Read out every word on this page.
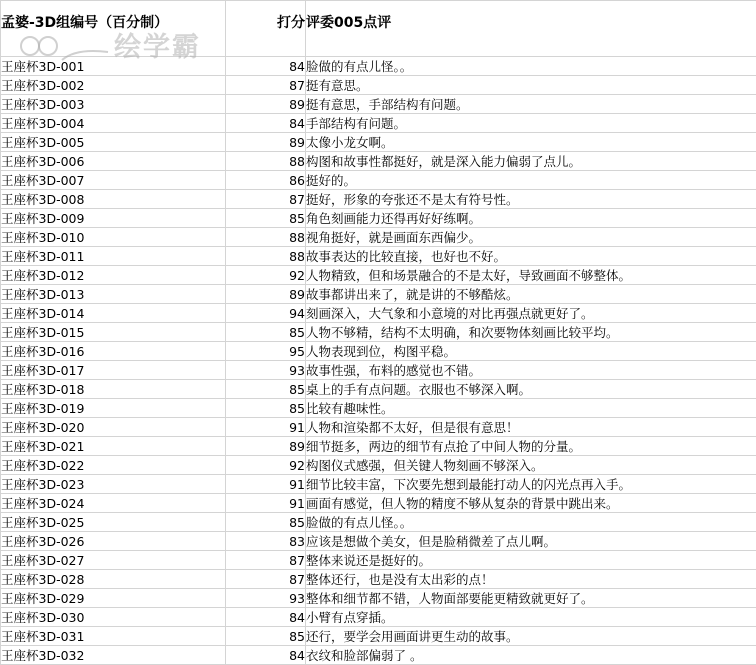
孟婆-3D组编号（百分制）	打分	评委005点评
王座杯3D-001	84	脸做的有点儿怪。。
王座杯3D-002	87	挺有意思。
王座杯3D-003	89	挺有意思，手部结构有问题。
王座杯3D-004	84	手部结构有问题。
王座杯3D-005	89	太像小龙女啊。
王座杯3D-006	88	构图和故事性都挺好，就是深入能力偏弱了点儿。
王座杯3D-007	86	挺好的。
王座杯3D-008	87	挺好，形象的夸张还不是太有符号性。
王座杯3D-009	85	角色刻画能力还得再好好练啊。
王座杯3D-010	88	视角挺好，就是画面东西偏少。
王座杯3D-011	88	故事表达的比较直接，也好也不好。
王座杯3D-012	92	人物精致，但和场景融合的不是太好，导致画面不够整体。
王座杯3D-013	89	故事都讲出来了，就是讲的不够酷炫。
王座杯3D-014	94	刻画深入，大气象和小意境的对比再强点就更好了。
王座杯3D-015	85	人物不够精，结构不太明确，和次要物体刻画比较平均。
王座杯3D-016	95	人物表现到位，构图平稳。
王座杯3D-017	93	故事性强，布料的感觉也不错。
王座杯3D-018	85	桌上的手有点问题。衣服也不够深入啊。
王座杯3D-019	85	比较有趣味性。
王座杯3D-020	91	人物和渲染都不太好，但是很有意思！
王座杯3D-021	89	细节挺多，两边的细节有点抢了中间人物的分量。
王座杯3D-022	92	构图仪式感强，但关键人物刻画不够深入。
王座杯3D-023	91	细节比较丰富，下次要先想到最能打动人的闪光点再入手。
王座杯3D-024	91	画面有感觉，但人物的精度不够从复杂的背景中跳出来。
王座杯3D-025	85	脸做的有点儿怪。。
王座杯3D-026	83	应该是想做个美女，但是脸稍微差了点儿啊。
王座杯3D-027	87	整体来说还是挺好的。
王座杯3D-028	87	整体还行，也是没有太出彩的点！
王座杯3D-029	93	整体和细节都不错，人物面部要能更精致就更好了。
王座杯3D-030	84	小臂有点穿插。
王座杯3D-031	85	还行，要学会用画面讲更生动的故事。
王座杯3D-032	84	衣纹和脸部偏弱了 。
绘学霸
